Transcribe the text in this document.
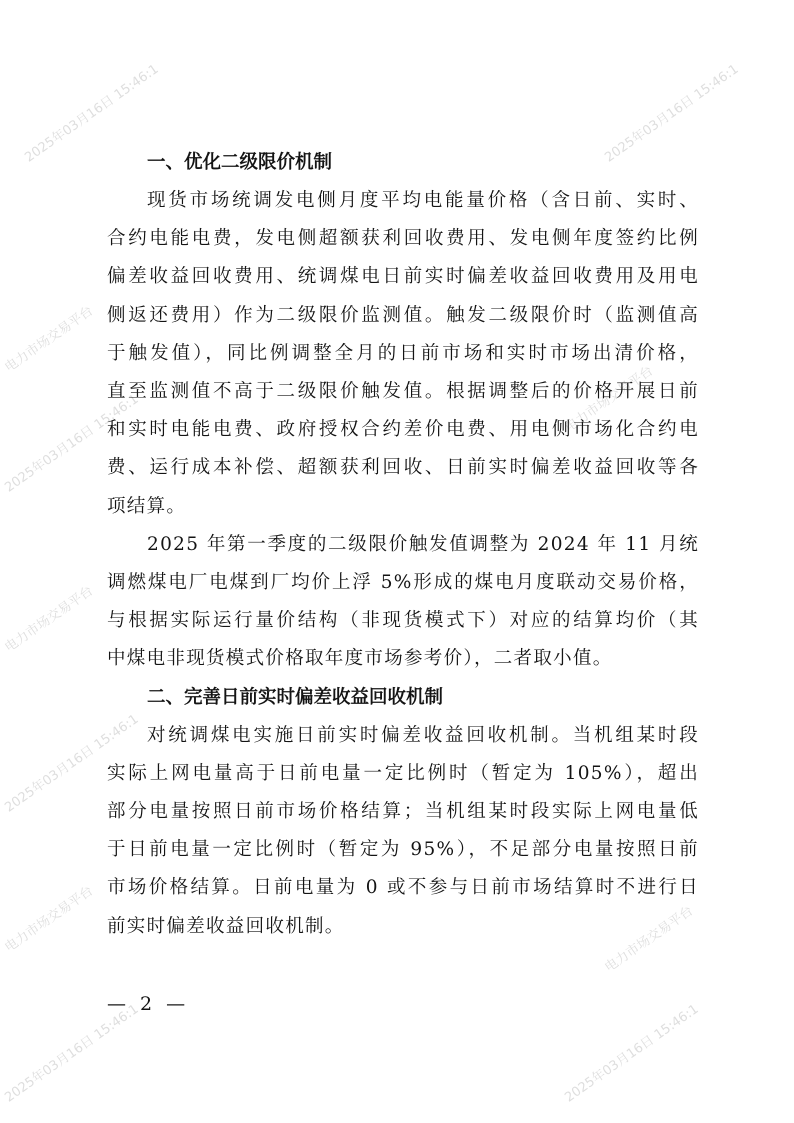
2025年03月16日 15:46:1	2025年03月16日 15:46:1
电力市场交易平台
2025年03月16日 15:46:1	电力市场交易平台
电力市场交易平台
2025年03月16日 15:46:1
电力市场交易平台	电力市场交易平台
2025年03月16日 15:46:1	2025年03月16日 15:46:1
一、优化二级限价机制

现货市场统调发电侧月度平均电能量价格（含日前、实时、
合约电能电费，发电侧超额获利回收费用、发电侧年度签约比例
偏差收益回收费用、统调煤电日前实时偏差收益回收费用及用电
侧返还费用）作为二级限价监测值。触发二级限价时（监测值高
于触发值），同比例调整全月的日前市场和实时市场出清价格，
直至监测值不高于二级限价触发值。根据调整后的价格开展日前
和实时电能电费、政府授权合约差价电费、用电侧市场化合约电
费、运行成本补偿、超额获利回收、日前实时偏差收益回收等各
项结算。

2025 年第一季度的二级限价触发值调整为 2024 年 11 月统
调燃煤电厂电煤到厂均价上浮 5%形成的煤电月度联动交易价格，
与根据实际运行量价结构（非现货模式下）对应的结算均价（其
中煤电非现货模式价格取年度市场参考价），二者取小值。

二、完善日前实时偏差收益回收机制

对统调煤电实施日前实时偏差收益回收机制。当机组某时段
实际上网电量高于日前电量一定比例时（暂定为 105%），超出
部分电量按照日前市场价格结算；当机组某时段实际上网电量低
于日前电量一定比例时（暂定为 95%），不足部分电量按照日前
市场价格结算。日前电量为 0 或不参与日前市场结算时不进行日
前实时偏差收益回收机制。

— 2 —
